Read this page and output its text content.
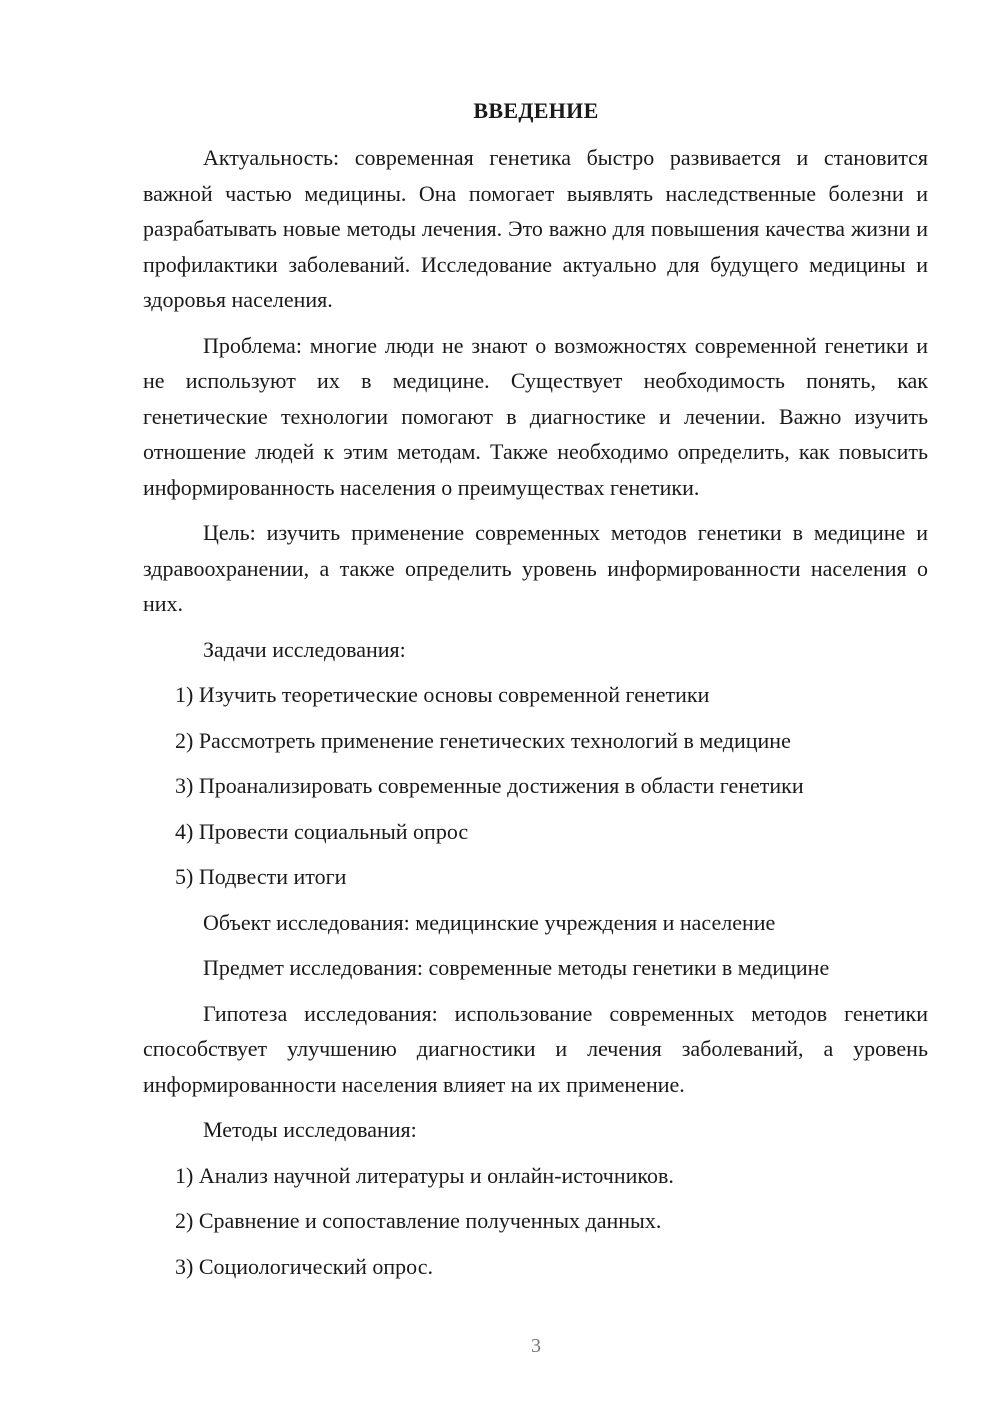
ВВЕДЕНИЕ

Актуальность: современная генетика быстро развивается и становится важной частью медицины. Она помогает выявлять наследственные болезни и разрабатывать новые методы лечения. Это важно для повышения качества жизни и профилактики заболеваний. Исследование актуально для будущего медицины и здоровья населения.

Проблема: многие люди не знают о возможностях современной генетики и не используют их в медицине. Существует необходимость понять, как генетические технологии помогают в диагностике и лечении. Важно изучить отношение людей к этим методам. Также необходимо определить, как повысить информированность населения о преимуществах генетики.

Цель: изучить применение современных методов генетики в медицине и здравоохранении, а также определить уровень информированности населения о них.

Задачи исследования:

1) Изучить теоретические основы современной генетики

2) Рассмотреть применение генетических технологий в медицине

3) Проанализировать современные достижения в области генетики

4) Провести социальный опрос

5) Подвести итоги

Объект исследования: медицинские учреждения и население

Предмет исследования: современные методы генетики в медицине

Гипотеза исследования: использование современных методов генетики способствует улучшению диагностики и лечения заболеваний, а уровень информированности населения влияет на их применение.

Методы исследования:

1) Анализ научной литературы и онлайн-источников.

2) Сравнение и сопоставление полученных данных.

3) Социологический опрос.

3
